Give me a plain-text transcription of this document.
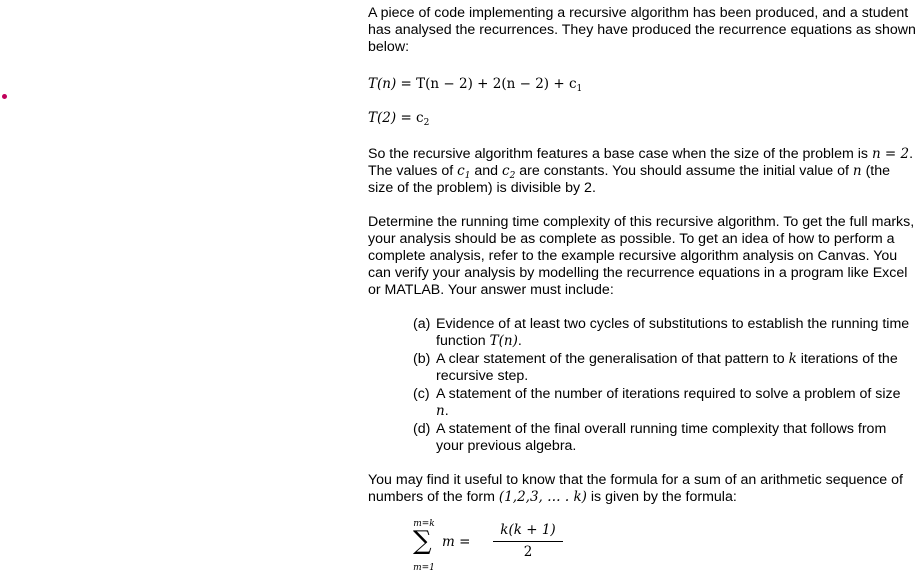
A piece of code implementing a recursive algorithm has been produced, and a student has analysed the recurrences. They have produced the recurrence equations as shown below:

$T(n) = T(n - 2) + 2(n - 2) + c_1$
$T(2) = c_2$

So the recursive algorithm features a base case when the size of the problem is n = 2. The values of $c_1$ and $c_2$ are constants. You should assume the initial value of n (the size of the problem) is divisible by 2.

Determine the running time complexity of this recursive algorithm. To get the full marks, your analysis should be as complete as possible. To get an idea of how to perform a complete analysis, refer to the example recursive algorithm analysis on Canvas. You can verify your analysis by modelling the recurrence equations in a program like Excel or MATLAB. Your answer must include:

(a) Evidence of at least two cycles of substitutions to establish the running time function T(n).
(b) A clear statement of the generalisation of that pattern to k iterations of the recursive step.
(c) A statement of the number of iterations required to solve a problem of size n.
(d) A statement of the final overall running time complexity that follows from your previous algebra.

You may find it useful to know that the formula for a sum of an arithmetic sequence of numbers of the form (1,2,3, … . k) is given by the formula:

m=k
∑
m=1
m =
k(k + 1)
2
